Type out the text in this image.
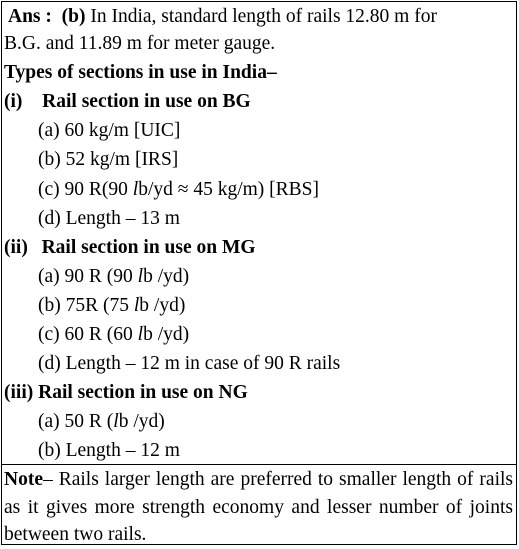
Ans : (b) In India, standard length of rails 12.80 m for
B.G. and 11.89 m for meter gauge.
Types of sections in use in India–
(i) Rail section in use on BG
(a) 60 kg/m [UIC]
(b) 52 kg/m [IRS]
(c) 90 R(90 lb/yd ≈ 45 kg/m) [RBS]
(d) Length – 13 m
(ii) Rail section in use on MG
(a) 90 R (90 lb /yd)
(b) 75R (75 lb /yd)
(c) 60 R (60 lb /yd)
(d) Length – 12 m in case of 90 R rails
(iii) Rail section in use on NG
(a) 50 R (lb /yd)
(b) Length – 12 m
Note– Rails larger length are preferred to smaller length of rails as it gives more strength economy and lesser number of joints between two rails.
